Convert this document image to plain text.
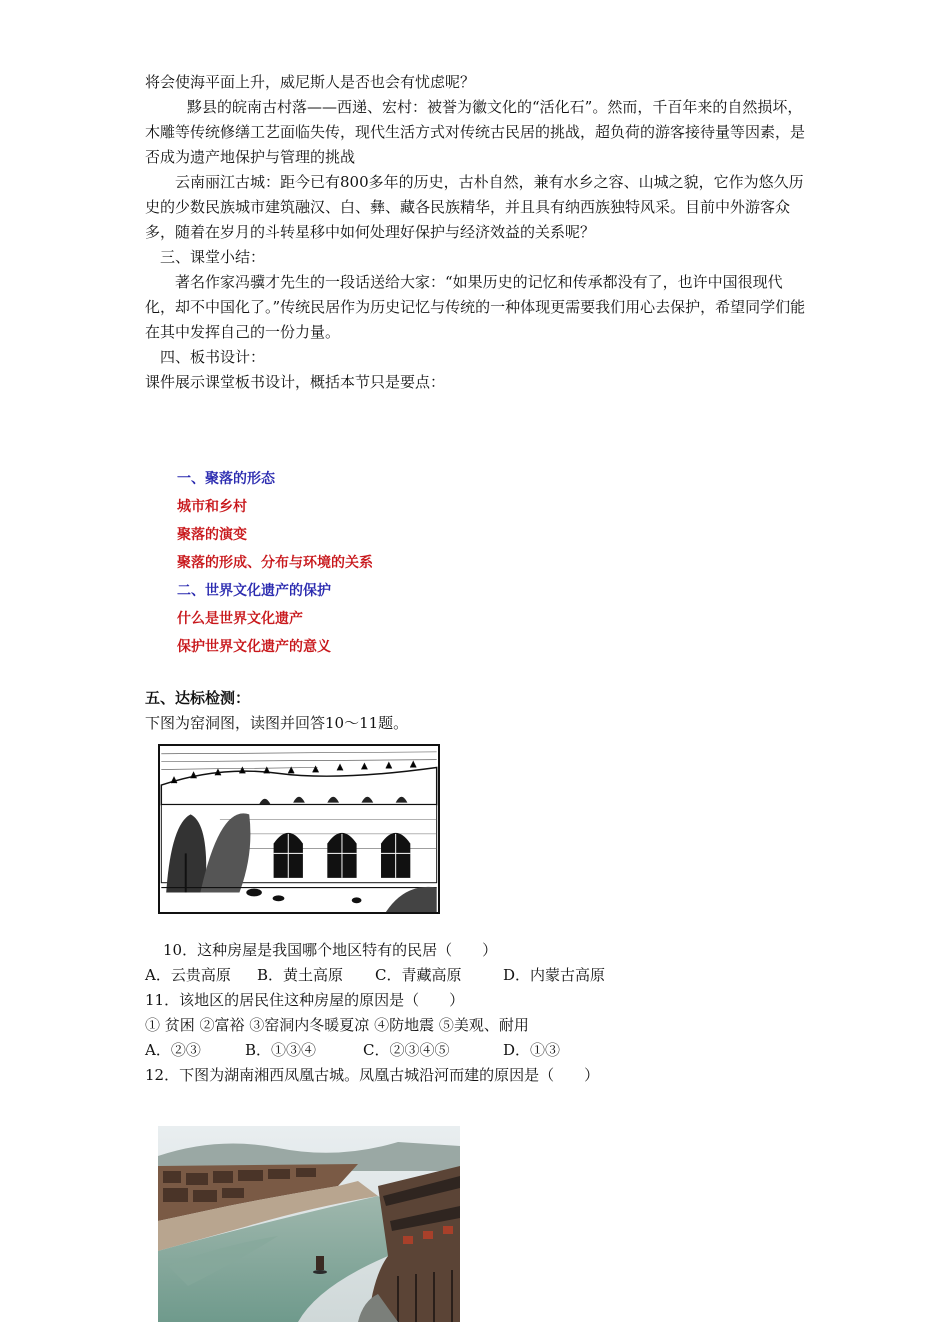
将会使海平面上升，威尼斯人是否也会有忧虑呢？

黟县的皖南古村落——西递、宏村：被誉为徽文化的“活化石”。然而，千百年来的自然损坏，木雕等传统修缮工艺面临失传，现代生活方式对传统古民居的挑战，超负荷的游客接待量等因素，是否成为遗产地保护与管理的挑战

云南丽江古城：距今已有800多年的历史，古朴自然，兼有水乡之容、山城之貌，它作为悠久历史的少数民族城市建筑融汉、白、彝、藏各民族精华，并且具有纳西族独特风采。目前中外游客众多，随着在岁月的斗转星移中如何处理好保护与经济效益的关系呢？

三、课堂小结：

著名作家冯骥才先生的一段话送给大家：“如果历史的记忆和传承都没有了，也许中国很现代化，却不中国化了。”传统民居作为历史记忆与传统的一种体现更需要我们用心去保护，希望同学们能在其中发挥自己的一份力量。

四、板书设计：

课件展示课堂板书设计，概括本节只是要点：

一、聚落的形态

城市和乡村

聚落的演变

聚落的形成、分布与环境的关系

二、世界文化遗产的保护

什么是世界文化遗产

保护世界文化遗产的意义

五、达标检测：

下图为窑洞图，读图并回答10～11题。

10．这种房屋是我国哪个地区特有的民居（　　）

A．云贵高原 B．黄土高原 C．青藏高原	D．内蒙古高原

11．该地区的居民住这种房屋的原因是（　　）

① 贫困 ②富裕 ③窑洞内冬暖夏凉 ④防地震 ⑤美观、耐用

A．②③	B．①③④	C．②③④⑤	D．①③

12．下图为湖南湘西凤凰古城。凤凰古城沿河而建的原因是（　　）
